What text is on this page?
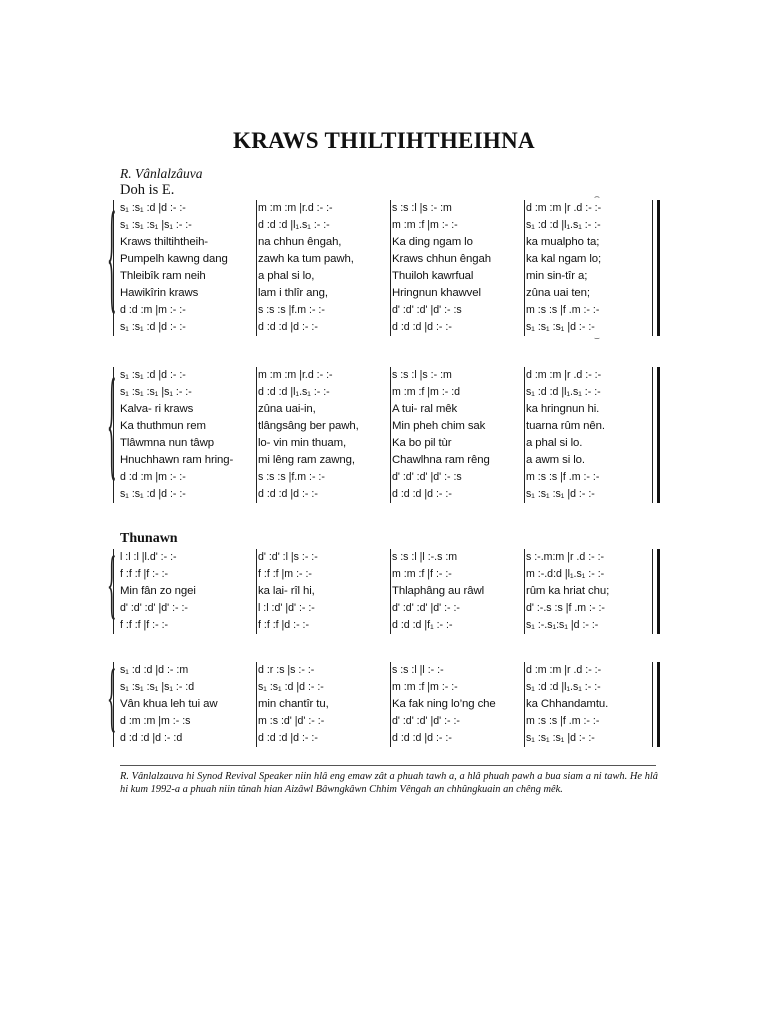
KRAWS THILTIHTHEIHNA
R. Vânlalzâuva
Doh is E.
Thunawn
{ s₁ :s₁ :d |d :- :-	m :m :m |r.d :- :-	s :s :l |s :- :m	d :m :m |r .d :- :-
s₁ :s₁ :s₁ |s₁ :- :-	d :d :d |l₁.s₁ :- :-	m :m :f |m :- :-	s₁ :d :d |l₁.s₁ :- :-
Kraws thiltihtheih-	na chhun êngah,	Ka ding ngam lo	ka mualpho ta;
Pumpelh kawng dang	zawh ka tum pawh,	Kraws chhun êngah	ka kal ngam lo;
Thleibîk ram neih	a phal si lo,	Thuiloh kawrfual	min sin-tîr a;
Hawikîrin kraws	lam i thlîr ang,	Hringnun khawvel	zûna uai ten;
d :d :m |m :- :-	s :s :s |f.m :- :-	d' :d' :d' |d' :- :s	m :s :s |f .m :- :-
s₁ :s₁ :d |d :- :-	d :d :d |d :- :-	d :d :d |d :- :-	s₁ :s₁ :s₁ |d :- :-
{ s₁ :s₁ :d |d :- :-	m :m :m |r.d :- :-	s :s :l |s :- :m	d :m :m |r .d :- :-
s₁ :s₁ :s₁ |s₁ :- :-	d :d :d |l₁.s₁ :- :-	m :m :f |m :- :d	s₁ :d :d |l₁.s₁ :- :-
Kalva- ri kraws	zûna uai-in,	A tui- ral mêk	ka hringnun hi.
Ka thuthmun rem	tlângsâng ber pawh,	Min pheh chim sak	tuarna rûm nên.
Tlâwmna nun tâwp	lo- vin min thuam,	Ka bo pil tùr	a phal si lo.
Hnuchhawn ram hring-	mi lêng ram zawng,	Chawlhna ram rêng	a awm si lo.
d :d :m |m :- :-	s :s :s |f.m :- :-	d' :d' :d' |d' :- :s	m :s :s |f .m :- :-
s₁ :s₁ :d |d :- :-	d :d :d |d :- :-	d :d :d |d :- :-	s₁ :s₁ :s₁ |d :- :-
{ l :l :l |l.d' :- :-	d' :d' :l |s :- :-	s :s :l |l :-.s :m	s :-.m:m |r .d :- :-
f :f :f |f :- :-	f :f :f |m :- :-	m :m :f |f :- :-	m :-.d:d |l₁.s₁ :- :-
Min fân zo ngei	ka lai- rîl hi,	Thlaphâng au râwl	rûm ka hriat chu;
d' :d' :d' |d' :- :-	l :l :d' |d' :- :-	d' :d' :d' |d' :- :-	d' :-.s :s |f .m :- :-
f :f :f |f :- :-	f :f :f |d :- :-	d :d :d |f₁ :- :-	s₁ :-.s₁:s₁ |d :- :-
{ s₁ :d :d |d :- :m	d :r :s |s :- :-	s :s :l |l :- :-	d :m :m |r .d :- :-
s₁ :s₁ :s₁ |s₁ :- :d	s₁ :s₁ :d |d :- :-	m :m :f |m :- :-	s₁ :d :d |l₁.s₁ :- :-
Vân khua leh tui aw	min chantîr tu,	Ka fak ning lo’ng che	ka Chhandamtu.
d :m :m |m :- :s	m :s :d' |d' :- :-	d' :d' :d' |d' :- :-	m :s :s |f .m :- :-
d :d :d |d :- :d	d :d :d |d :- :-	d :d :d |d :- :-	s₁ :s₁ :s₁ |d :- :-
⌢
⌣
R. Vânlalzauva hi Synod Revival Speaker niin hlâ eng emaw zât a phuah tawh a, a hlâ phuah pawh a bua siam a ni tawh. He hlâ hi kum 1992-a a phuah niin tûnah hian Aizâwl Bâwngkâwn Chhim Vêngah an chhûngkuain an chêng mêk.
